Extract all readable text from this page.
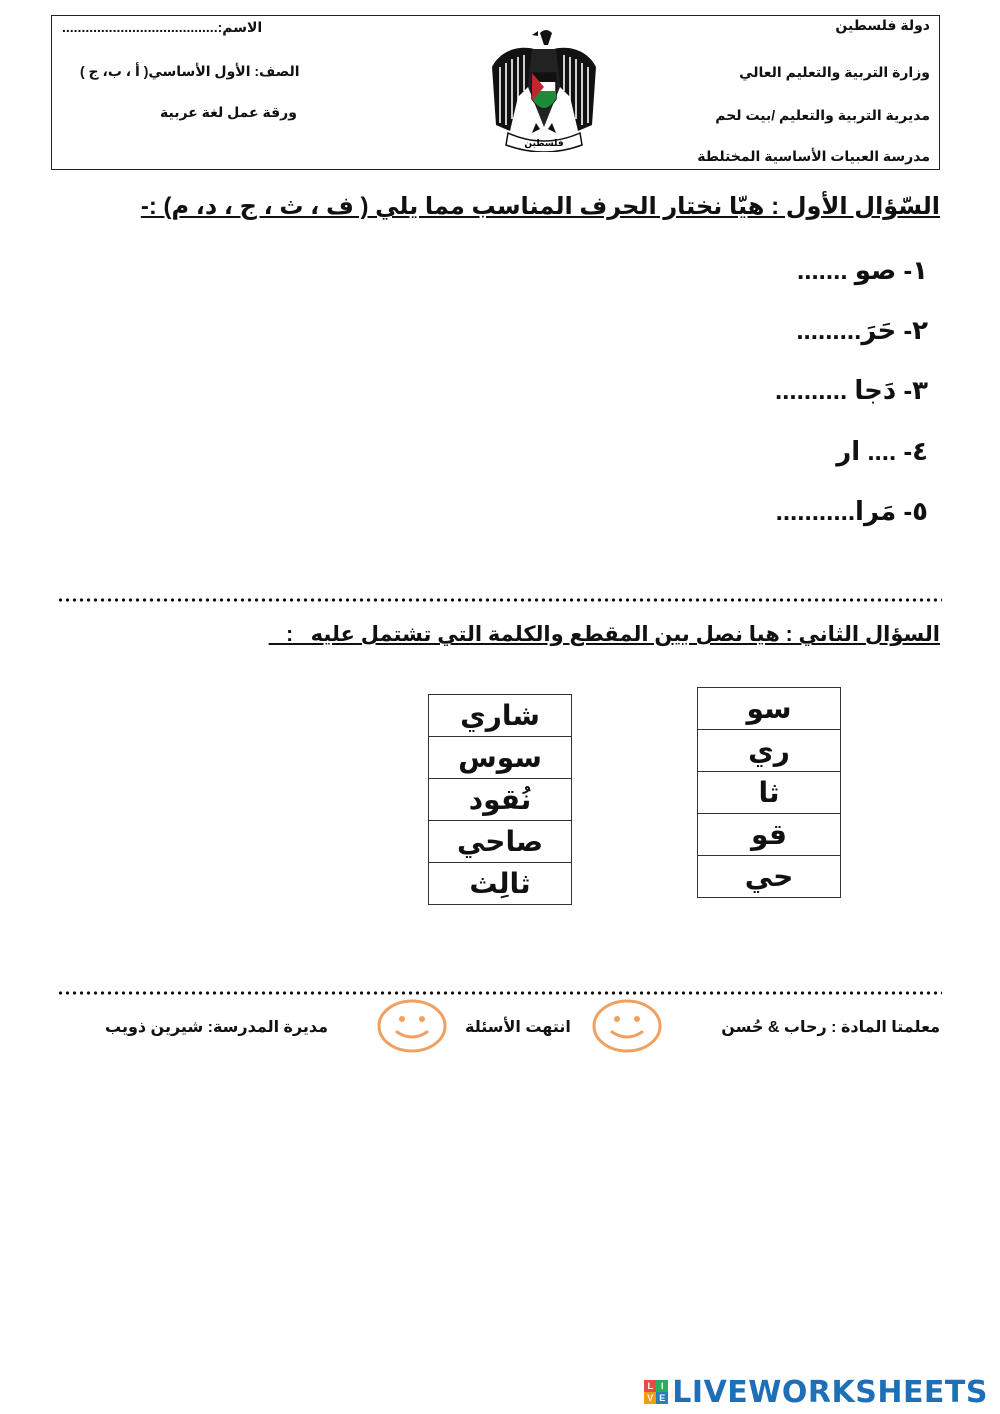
دولة فلسطين
وزارة التربية والتعليم العالي
مديرية التربية والتعليم /بيت لحم
مدرسة العبيات الأساسية المختلطة
الاسم:........................................
الصف: الأول الأساسي( أ ، ب، ج )
ورقة عمل لغة عربية
فلسطين
السّؤال الأول : هيّا نختار الحرف المناسب مما يلي ( ف ، ث ، ج ، د، م) :-
١- صو .......
٢- حَرَ.........
٣- دَجا ..........
٤- .... ار
٥- مَرا...........
السؤال الثاني : هيا نصل بين المقطع والكلمة التي تشتمل عليه   :
سو
ري
ثا
قو
حي
شاري
سوس
نُقود
صاحي
ثالِث
معلمتا المادة : رحاب & حُسن
انتهت الأسئلة
مديرة المدرسة: شيرين ذويب
L I
V E LIVEWORKSHEETS
